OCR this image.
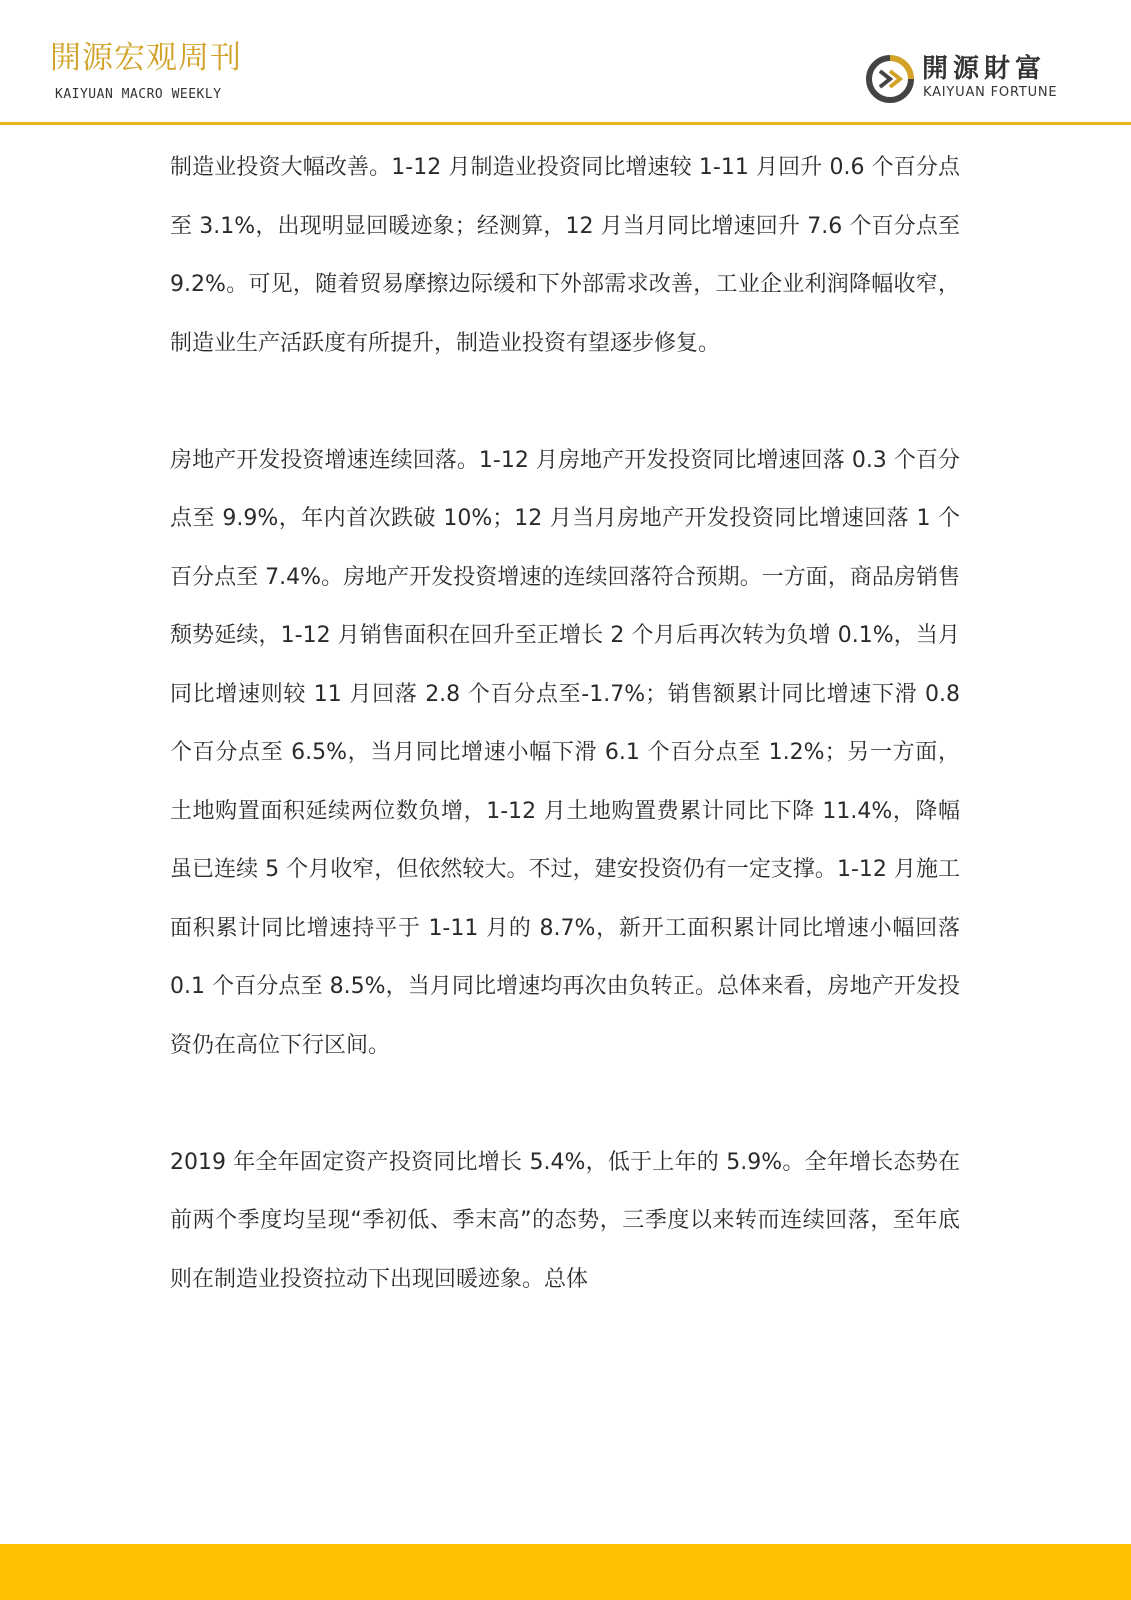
開源宏观周刊
KAIYUAN MACRO WEEKLY
開源財富
KAIYUAN FORTUNE

制造业投资大幅改善。1-12 月制造业投资同比增速较 1-11 月回升 0.6 个百分点至 3.1%，出现明显回暖迹象；经测算，12 月当月同比增速回升 7.6 个百分点至 9.2%。可见，随着贸易摩擦边际缓和下外部需求改善，工业企业利润降幅收窄，制造业生产活跃度有所提升，制造业投资有望逐步修复。

房地产开发投资增速连续回落。1-12 月房地产开发投资同比增速回落 0.3 个百分点至 9.9%，年内首次跌破 10%；12 月当月房地产开发投资同比增速回落 1 个百分点至 7.4%。房地产开发投资增速的连续回落符合预期。一方面，商品房销售颓势延续，1-12 月销售面积在回升至正增长 2 个月后再次转为负增 0.1%，当月同比增速则较 11 月回落 2.8 个百分点至-1.7%；销售额累计同比增速下滑 0.8 个百分点至 6.5%，当月同比增速小幅下滑 6.1 个百分点至 1.2%；另一方面，土地购置面积延续两位数负增，1-12 月土地购置费累计同比下降 11.4%，降幅虽已连续 5 个月收窄，但依然较大。不过，建安投资仍有一定支撑。1-12 月施工面积累计同比增速持平于 1-11 月的 8.7%，新开工面积累计同比增速小幅回落 0.1 个百分点至 8.5%，当月同比增速均再次由负转正。总体来看，房地产开发投资仍在高位下行区间。

2019 年全年固定资产投资同比增长 5.4%，低于上年的 5.9%。全年增长态势在前两个季度均呈现“季初低、季末高”的态势，三季度以来转而连续回落，至年底则在制造业投资拉动下出现回暖迹象。总体
